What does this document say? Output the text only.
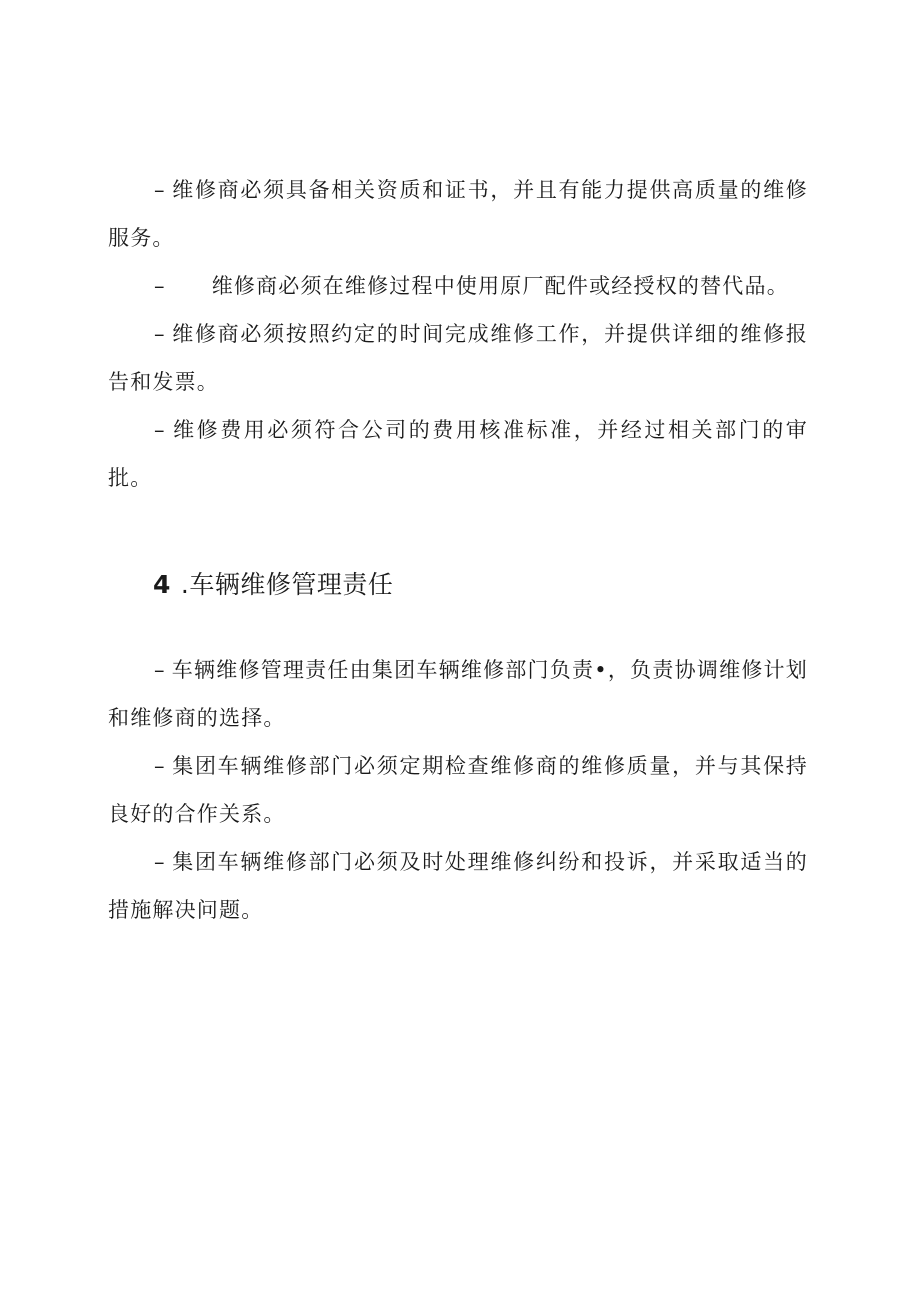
– 维修商必须具备相关资质和证书，并且有能力提供高质量的维修服务。

– 维修商必须在维修过程中使用原厂配件或经授权的替代品。

– 维修商必须按照约定的时间完成维修工作，并提供详细的维修报告和发票。

– 维修费用必须符合公司的费用核准标准，并经过相关部门的审批。

4 .车辆维修管理责任

– 车辆维修管理责任由集团车辆维修部门负责•，负责协调维修计划和维修商的选择。

– 集团车辆维修部门必须定期检查维修商的维修质量，并与其保持良好的合作关系。

– 集团车辆维修部门必须及时处理维修纠纷和投诉，并采取适当的措施解决问题。
